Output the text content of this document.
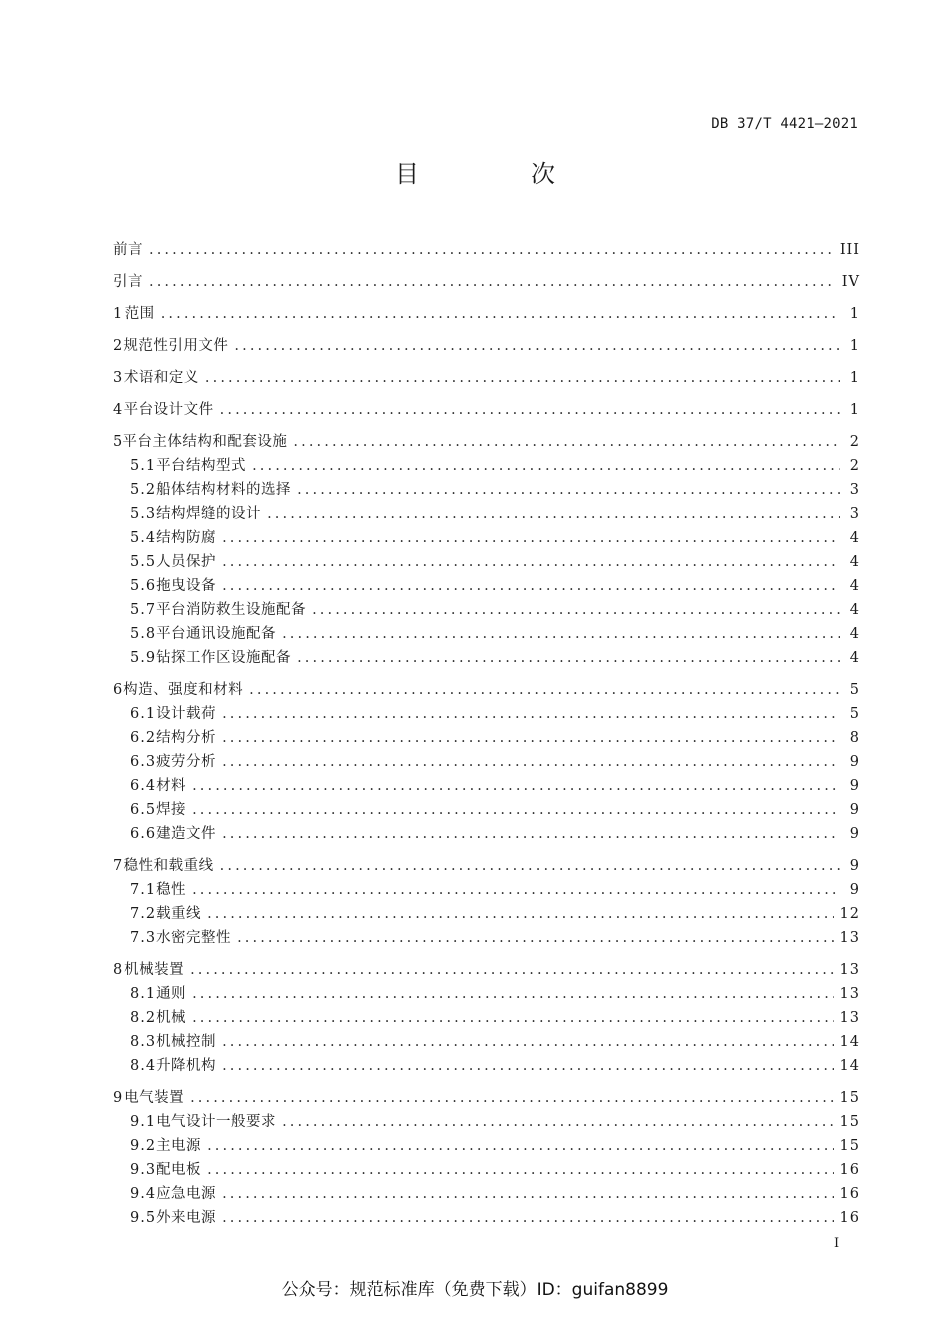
DB 37/T 4421—2021
目　次
前言 .....	III
引言 .....	IV
1 范围 .....	1
2 规范性引用文件 .....	1
3 术语和定义 .....	1
4 平台设计文件 .....	1
5 平台主体结构和配套设施 .....	2
5.1 平台结构型式 .....	2
5.2 船体结构材料的选择 .....	3
5.3 结构焊缝的设计 .....	3
5.4 结构防腐 .....	4
5.5 人员保护 .....	4
5.6 拖曳设备 .....	4
5.7 平台消防救生设施配备 .....	4
5.8 平台通讯设施配备 .....	4
5.9 钻探工作区设施配备 .....	4
6 构造、强度和材料 .....	5
6.1 设计载荷 .....	5
6.2 结构分析 .....	8
6.3 疲劳分析 .....	9
6.4 材料 .....	9
6.5 焊接 .....	9
6.6 建造文件 .....	9
7 稳性和载重线 .....	9
7.1 稳性 .....	9
7.2 载重线 .....	12
7.3 水密完整性 .....	13
8 机械装置 .....	13
8.1 通则 .....	13
8.2 机械 .....	13
8.3 机械控制 .....	14
8.4 升降机构 .....	14
9 电气装置 .....	15
9.1 电气设计一般要求 .....	15
9.2 主电源 .....	15
9.3 配电板 .....	16
9.4 应急电源 .....	16
9.5 外来电源 .....	16
I
公众号：规范标准库（免费下载）ID：guifan8899
